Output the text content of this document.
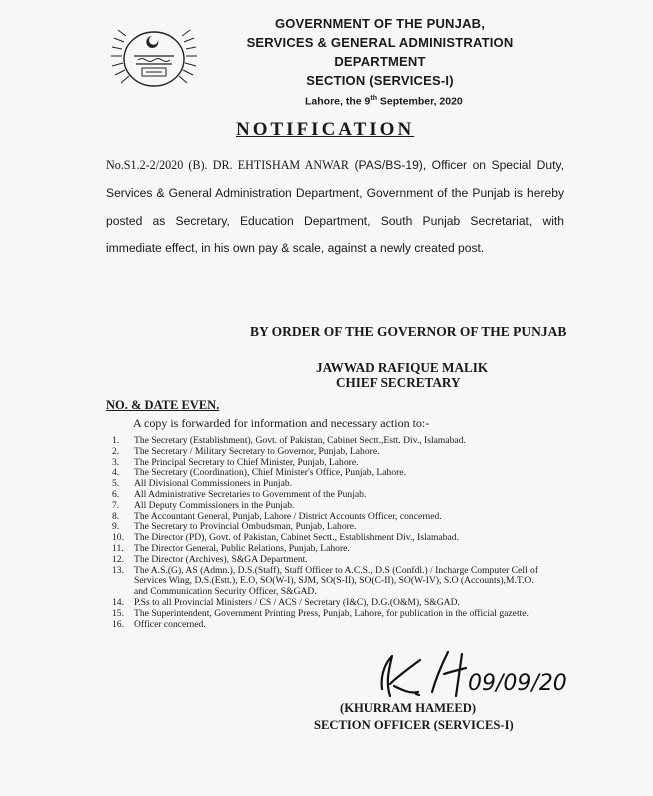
GOVERNMENT OF THE PUNJAB,
SERVICES & GENERAL ADMINISTRATION
DEPARTMENT
SECTION (SERVICES-I)
Lahore, the 9th September, 2020
NOTIFICATION
No.S1.2-2/2020 (B). DR. EHTISHAM ANWAR (PAS/BS-19), Officer on Special Duty, Services & General Administration Department, Government of the Punjab is hereby posted as Secretary, Education Department, South Punjab Secretariat, with immediate effect, in his own pay & scale, against a newly created post.
BY ORDER OF THE GOVERNOR OF THE PUNJAB
JAWWAD RAFIQUE MALIK
CHIEF SECRETARY
NO. & DATE EVEN.
A copy is forwarded for information and necessary action to:-
1.	The Secretary (Establishment), Govt. of Pakistan, Cabinet Sectt.,Estt. Div., Islamabad.
2.	The Secretary / Military Secretary to Governor, Punjab, Lahore.
3.	The Principal Secretary to Chief Minister, Punjab, Lahore.
4.	The Secretary (Coordination), Chief Minister's Office, Punjab, Lahore.
5.	All Divisional Commissioners in Punjab.
6.	All Administrative Secretaries to Government of the Punjab.
7.	All Deputy Commissioners in the Punjab.
8.	The Accountant General, Punjab, Lahore / District Accounts Officer, concerned.
9.	The Secretary to Provincial Ombudsman, Punjab, Lahore.
10.	The Director (PD), Govt. of Pakistan, Cabinet Sectt., Establishment Div., Islamabad.
11.	The Director General, Public Relations, Punjab, Lahore.
12.	The Director (Archives), S&GA Department.
13.	The A.S.(G), AS (Admn.), D.S.(Staff), Staff Officer to A.C.S., D.S (Confdl.) / Incharge Computer Cell of Services Wing, D.S.(Estt.), E.O, SO(W-I), SJM, SO(S-II), SO(C-II), SO(W-IV), S.O (Accounts),M.T.O. and Communication Security Officer, S&GAD.
14.	P.Ss to all Provincial Ministers / CS / ACS / Secretary (I&C), D.G.(O&M), S&GAD.
15.	The Superintendent, Government Printing Press, Punjab, Lahore, for publication in the official gazette.
16.	Officer concerned.
09/09/20
(KHURRAM HAMEED)
SECTION OFFICER (SERVICES-I)
